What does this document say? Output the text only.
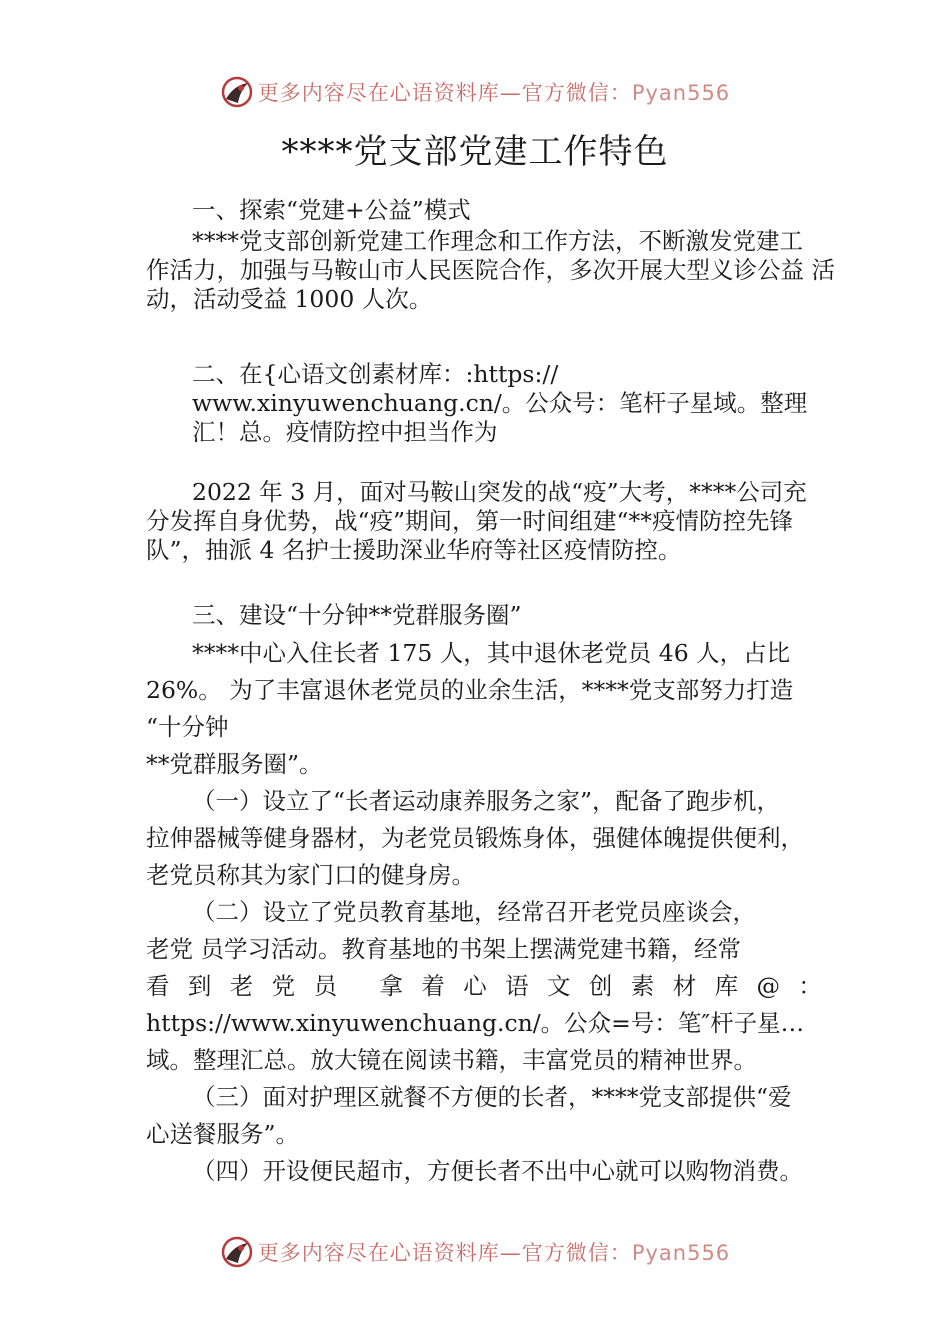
更多内容尽在心语资料库—官方微信：Pyan556
****党支部党建工作特色
一、探索“党建+公益”模式
****党支部创新党建工作理念和工作方法，不断激发党建工
作活力，加强与马鞍山市人民医院合作，多次开展大型义诊公益 活
动，活动受益 1000 人次。
二、在{心语文创素材库：:https://
www.xinyuwenchuang.cn/。公众号：笔杆子星域。整理
汇！总。疫情防控中担当作为
2022 年 3 月，面对马鞍山突发的战“疫”大考，****公司充
分发挥自身优势，战“疫”期间，第一时间组建“**疫情防控先锋
队”，抽派 4 名护士援助深业华府等社区疫情防控。
三、建设“十分钟**党群服务圈”
****中心入住长者 175 人，其中退休老党员 46 人，占比
26%。 为了丰富退休老党员的业余生活，****党支部努力打造
“十分钟
**党群服务圈”。
（一）设立了“长者运动康养服务之家”，配备了跑步机，
拉伸器械等健身器材，为老党员锻炼身体，强健体魄提供便利，
老党员称其为家门口的健身房。
（二）设立了党员教育基地，经常召开老党员座谈会，
老党 员学习活动。教育基地的书架上摆满党建书籍，经常
看 到 老 党 员 拿 着 心 语 文 创 素 材 库 @ ：
https://www.xinyuwenchuang.cn/。公众=号：笔″杆子星…
域。整理汇总。放大镜在阅读书籍，丰富党员的精神世界。
（三）面对护理区就餐不方便的长者，****党支部提供“爱
心送餐服务”。
（四）开设便民超市，方便长者不出中心就可以购物消费。
更多内容尽在心语资料库—官方微信：Pyan556
